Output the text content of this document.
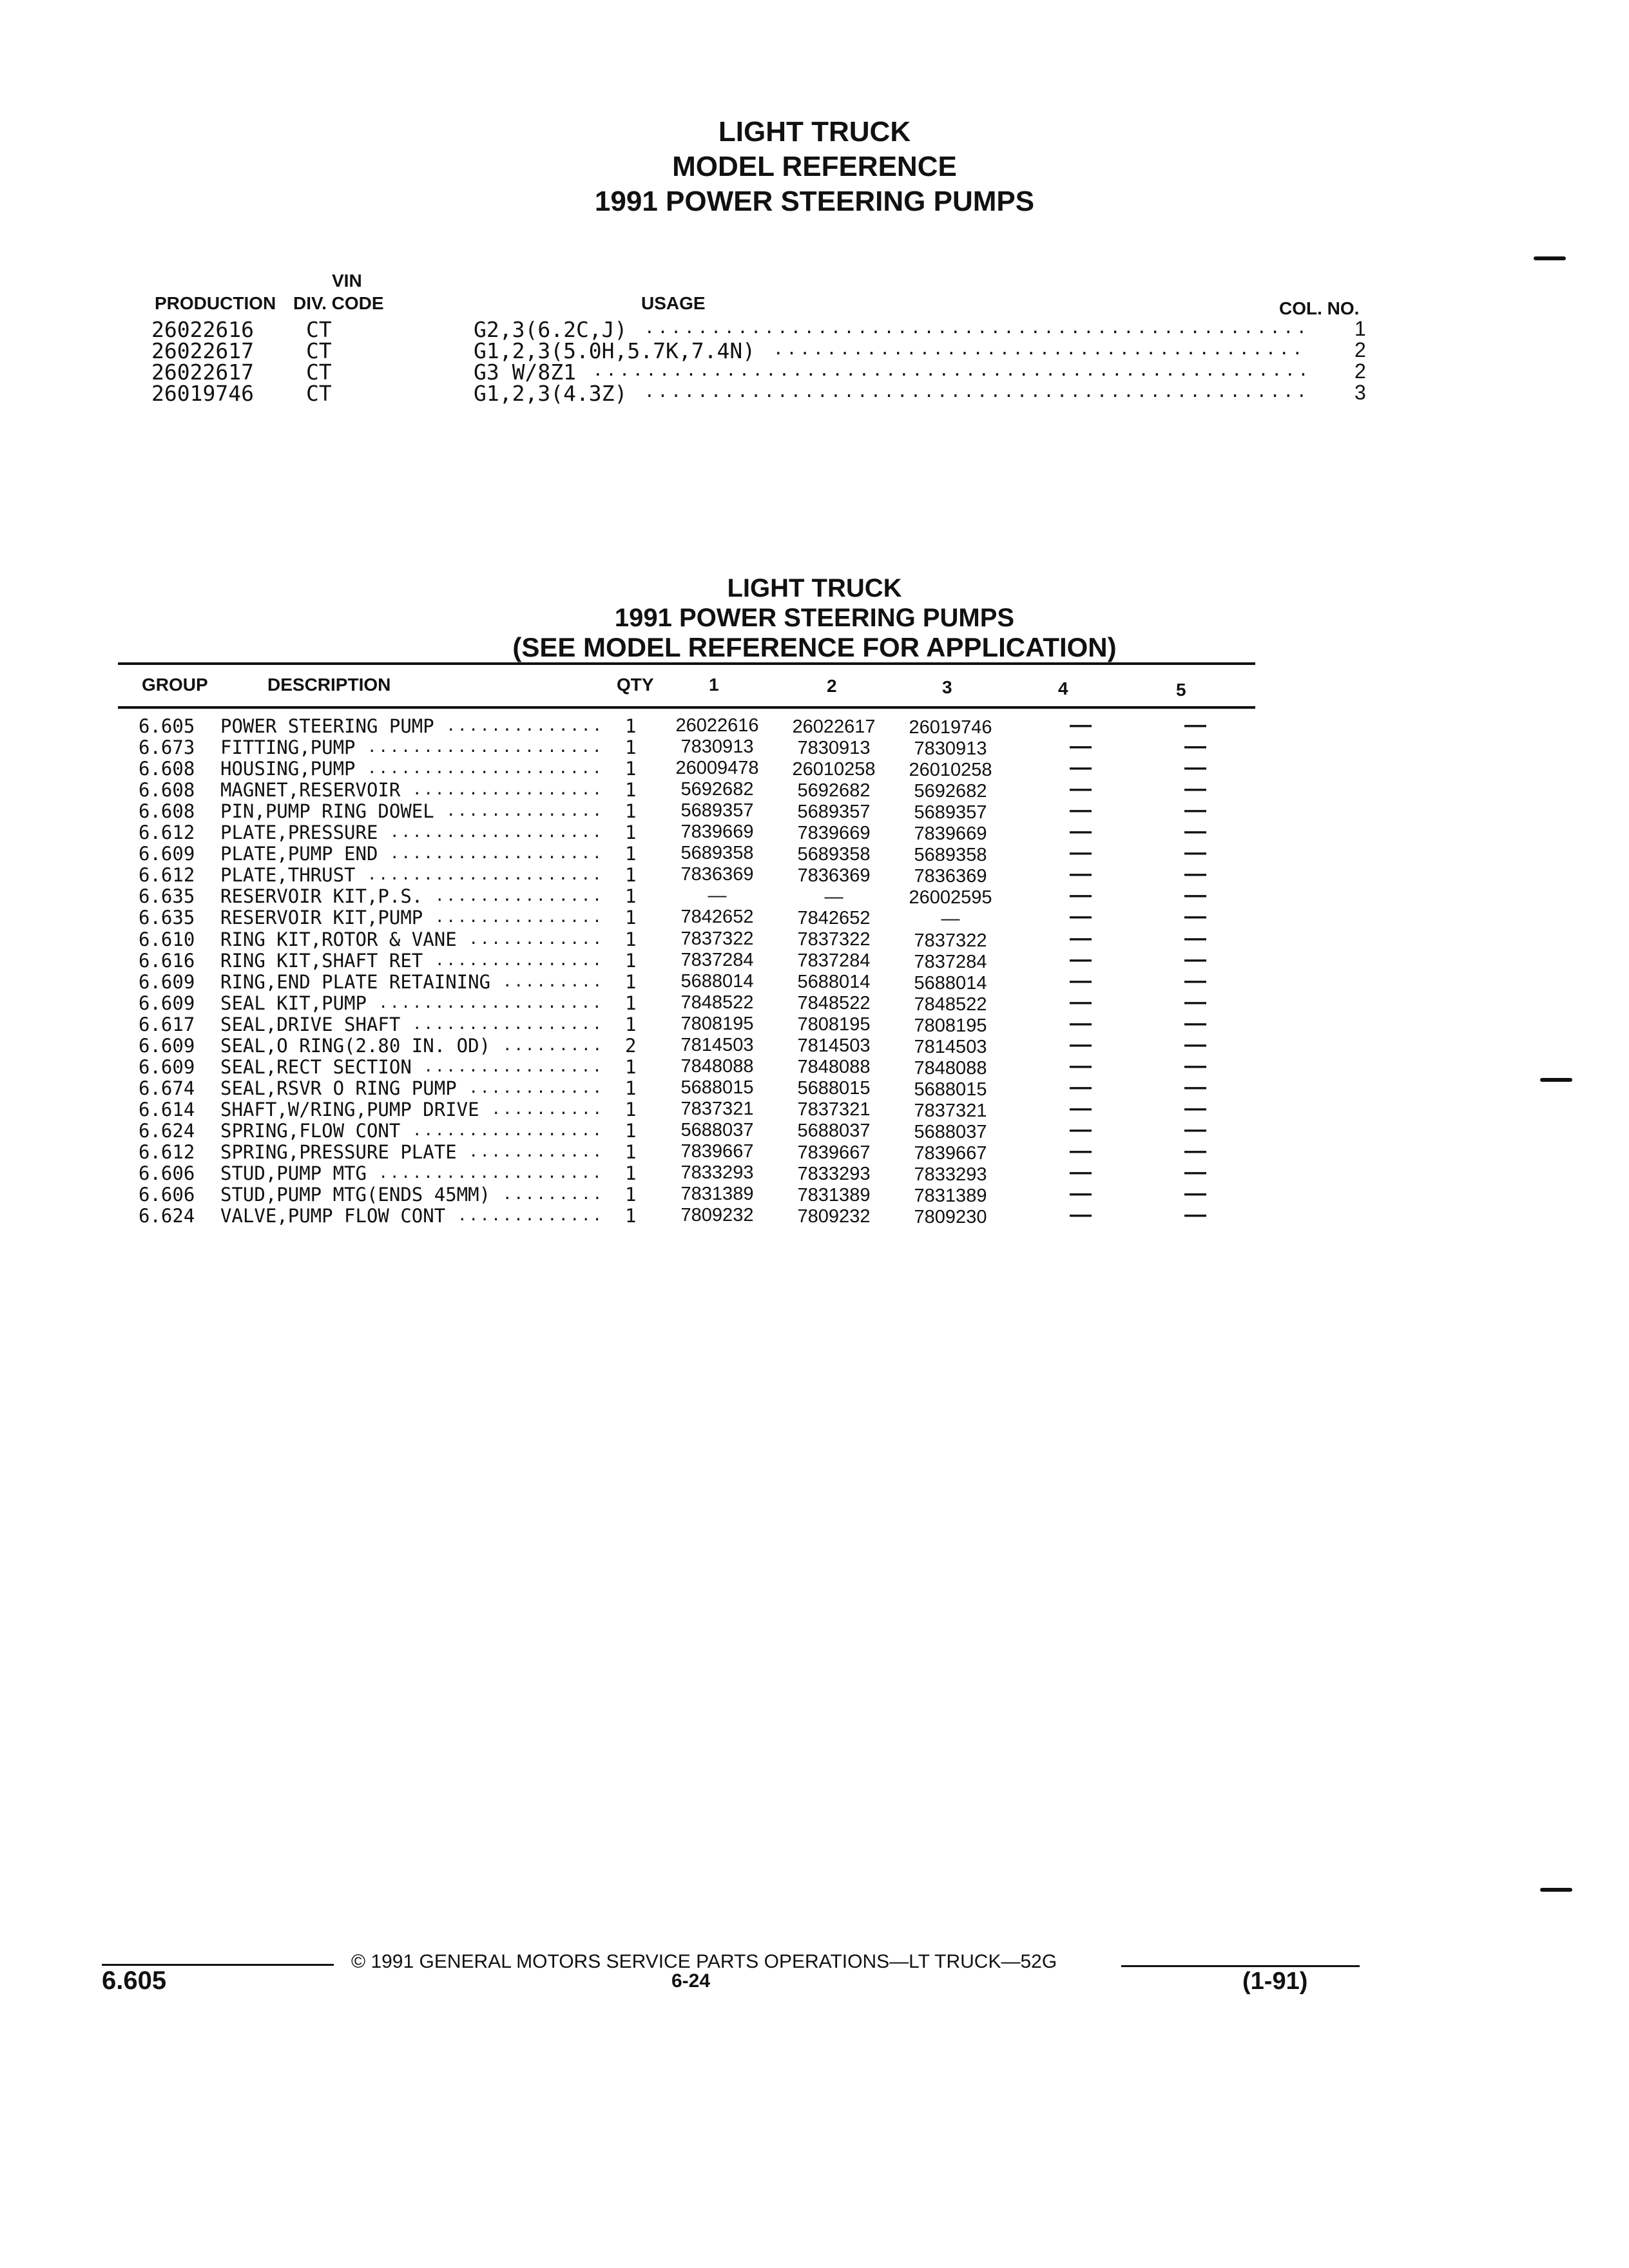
LIGHT TRUCK
MODEL REFERENCE
1991 POWER STEERING PUMPS
VIN
PRODUCTION DIV. CODE	USAGE	COL. NO.
26022616 CT	G2,3(6.2C,J)	1
..................................................
26022617 CT	G1,2,3(5.0H,5.7K,7.4N)	2
........................................
26022617 CT	G3 W/8Z1	2
......................................................
26019746 CT	G1,2,3(4.3Z)	3
..................................................
LIGHT TRUCK
1991 POWER STEERING PUMPS
(SEE MODEL REFERENCE FOR APPLICATION)
GROUP	DESCRIPTION	QTY	1	2	3	4	5
6.605 POWER STEERING PUMP .............. 1	26022616	26022617	26019746	—	—
6.673 FITTING,PUMP ..................... 1	7830913	7830913	7830913	—	—
6.608 HOUSING,PUMP ..................... 1	26009478	26010258	26010258	—	—
6.608 MAGNET,RESERVOIR ................. 1	5692682	5692682	5692682	—	—
6.608 PIN,PUMP RING DOWEL .............. 1	5689357	5689357	5689357	—	—
6.612 PLATE,PRESSURE ................... 1	7839669	7839669	7839669	—	—
6.609 PLATE,PUMP END ................... 1	5689358	5689358	5689358	—	—
6.612 PLATE,THRUST ..................... 1	7836369	7836369	7836369	—	—
6.635 RESERVOIR KIT,P.S. ............... 1	—	—	26002595	—	—
6.635 RESERVOIR KIT,PUMP ............... 1	7842652	7842652	—	—	—
6.610 RING KIT,ROTOR & VANE ............ 1	7837322	7837322	7837322	—	—
6.616 RING KIT,SHAFT RET ............... 1	7837284	7837284	7837284	—	—
6.609 RING,END PLATE RETAINING ......... 1	5688014	5688014	5688014	—	—
6.609 SEAL KIT,PUMP .................... 1	7848522	7848522	7848522	—	—
6.617 SEAL,DRIVE SHAFT ................. 1	7808195	7808195	7808195	—	—
6.609 SEAL,O RING(2.80 IN. OD) ......... 2	7814503	7814503	7814503	—	—
6.609 SEAL,RECT SECTION ................ 1	7848088	7848088	7848088	—	—
6.674 SEAL,RSVR O RING PUMP ............ 1	5688015	5688015	5688015	—	—
6.614 SHAFT,W/RING,PUMP DRIVE .......... 1	7837321	7837321	7837321	—	—
6.624 SPRING,FLOW CONT ................. 1	5688037	5688037	5688037	—	—
6.612 SPRING,PRESSURE PLATE ............ 1	7839667	7839667	7839667	—	—
6.606 STUD,PUMP MTG .................... 1	7833293	7833293	7833293	—	—
6.606 STUD,PUMP MTG(ENDS 45MM) ......... 1	7831389	7831389	7831389	—	—
6.624 VALVE,PUMP FLOW CONT ............. 1	7809232	7809232	7809230	—	—
© 1991 GENERAL MOTORS SERVICE PARTS OPERATIONS—LT TRUCK—52G
6.605	6-24	(1-91)
